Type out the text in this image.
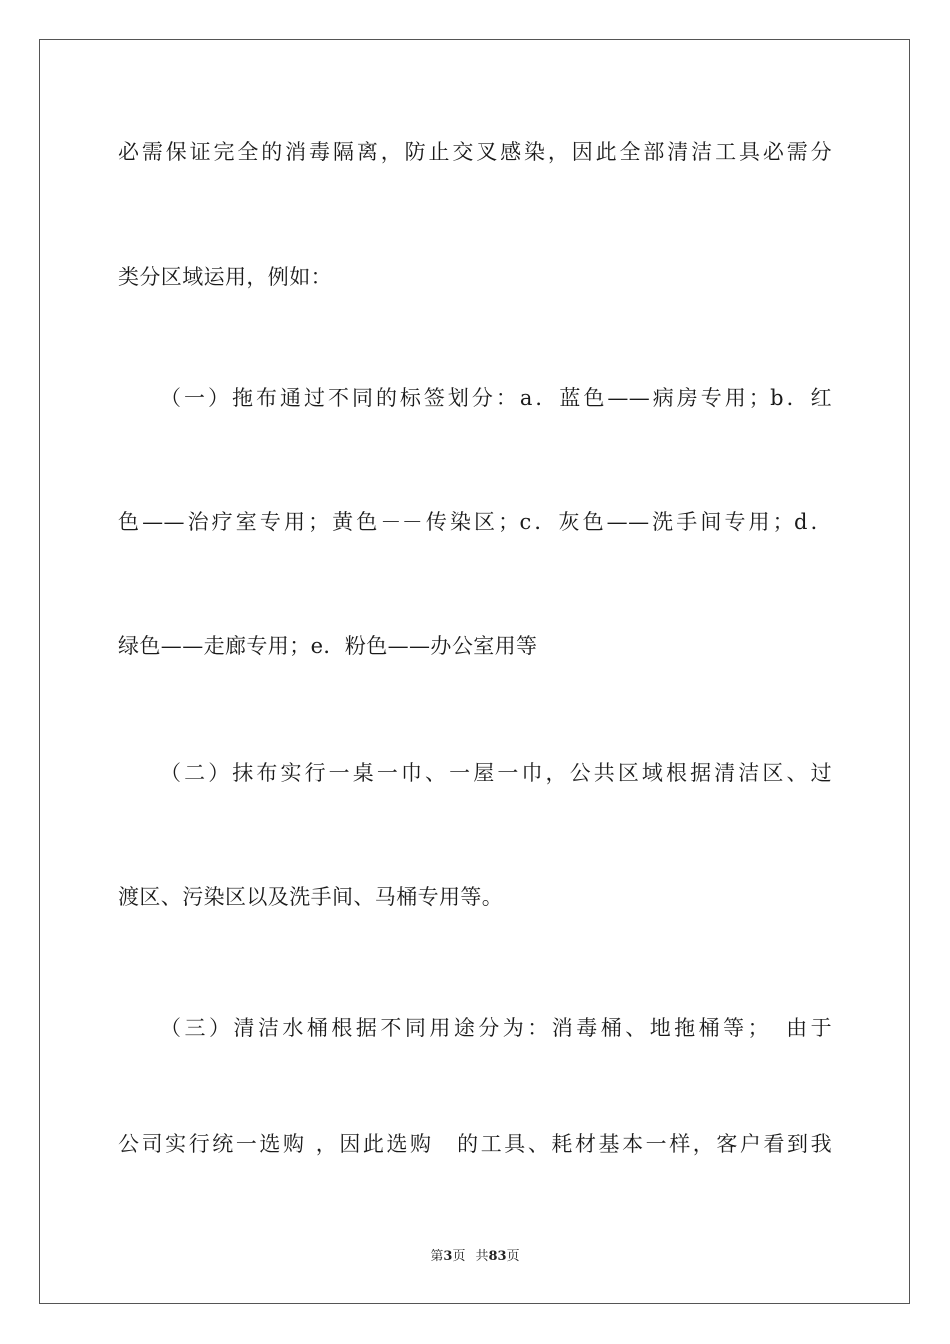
必需保证完全的消毒隔离，防止交叉感染，因此全部清洁工具必需分
类分区域运用，例如：
（一）拖布通过不同的标签划分：a．蓝色——病房专用；b．红
色——治疗室专用；黄色－－传染区；c．灰色——洗手间专用；d．
绿色——走廊专用；e．粉色——办公室用等
（二）抹布实行一桌一巾、一屋一巾，公共区域根据清洁区、过
渡区、污染区以及洗手间、马桶专用等。
（三）清洁水桶根据不同用途分为：消毒桶、地拖桶等；　由于
公司实行统一选购 ，因此选购　的工具、耗材基本一样，客户看到我
第3页 共83页
